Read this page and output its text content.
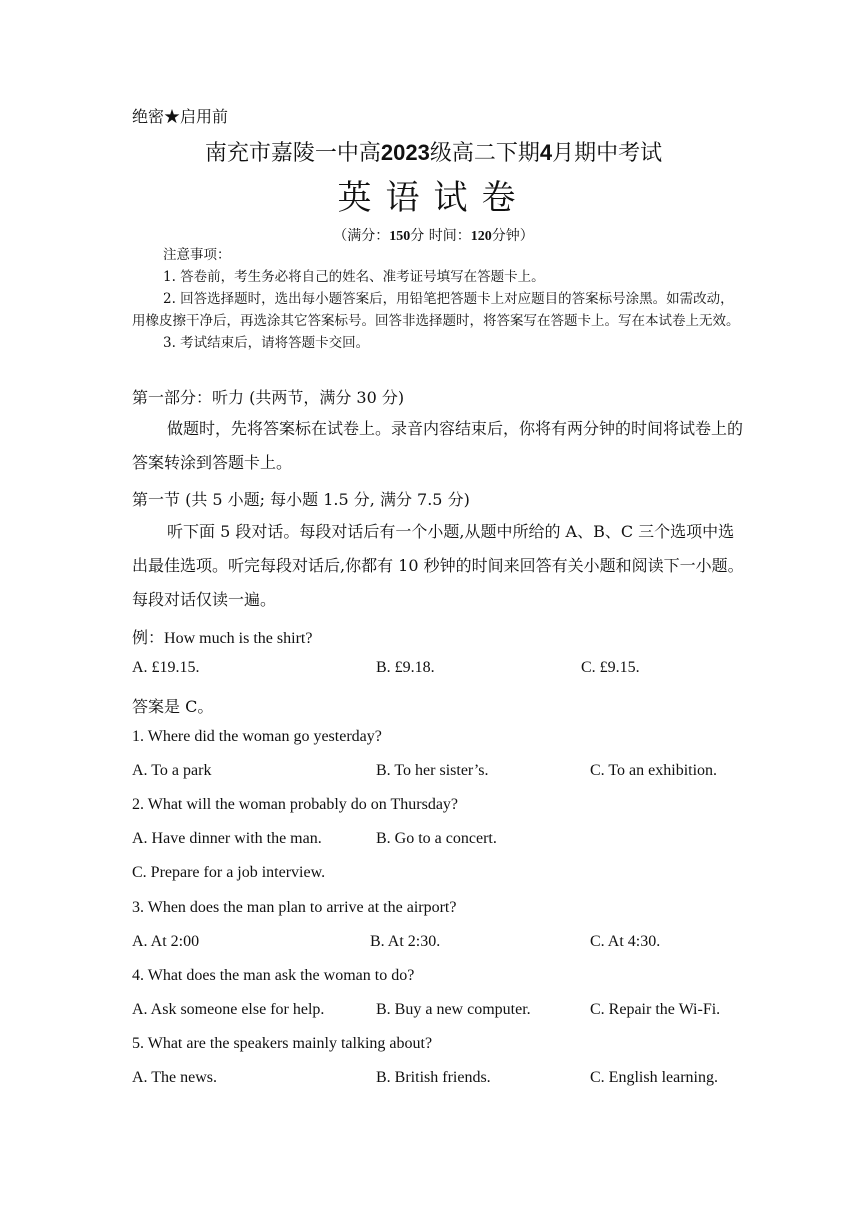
绝密★启用前
南充市嘉陵一中高2023级高二下期4月期中考试
英语试卷
（满分：150分 时间：120分钟）
注意事项：
1. 答卷前，考生务必将自己的姓名、准考证号填写在答题卡上。
2. 回答选择题时，选出每小题答案后，用铅笔把答题卡上对应题目的答案标号涂黑。如需改动，用橡皮擦干净后，再选涂其它答案标号。回答非选择题时，将答案写在答题卡上。写在本试卷上无效。
3. 考试结束后，请将答题卡交回。
第一部分：听力 (共两节，满分 30 分)
做题时，先将答案标在试卷上。录音内容结束后，你将有两分钟的时间将试卷上的答案转涂到答题卡上。
第一节 (共 5 小题; 每小题 1.5 分, 满分 7.5 分)
听下面 5 段对话。每段对话后有一个小题,从题中所给的 A、B、C 三个选项中选出最佳选项。听完每段对话后,你都有 10 秒钟的时间来回答有关小题和阅读下一小题。每段对话仅读一遍。
例：How much is the shirt?
A. £19.15.	B. £9.18.	C. £9.15.
答案是 C。
1. Where did the woman go yesterday?
A. To a park	B. To her sister’s.	C. To an exhibition.
2. What will the woman probably do on Thursday?
A. Have dinner with the man.	B. Go to a concert.
C. Prepare for a job interview.
3. When does the man plan to arrive at the airport?
A. At 2:00	B. At 2:30.	C. At 4:30.
4. What does the man ask the woman to do?
A. Ask someone else for help.	B. Buy a new computer.	C. Repair the Wi-Fi.
5. What are the speakers mainly talking about?
A. The news.	B. British friends.	C. English learning.
